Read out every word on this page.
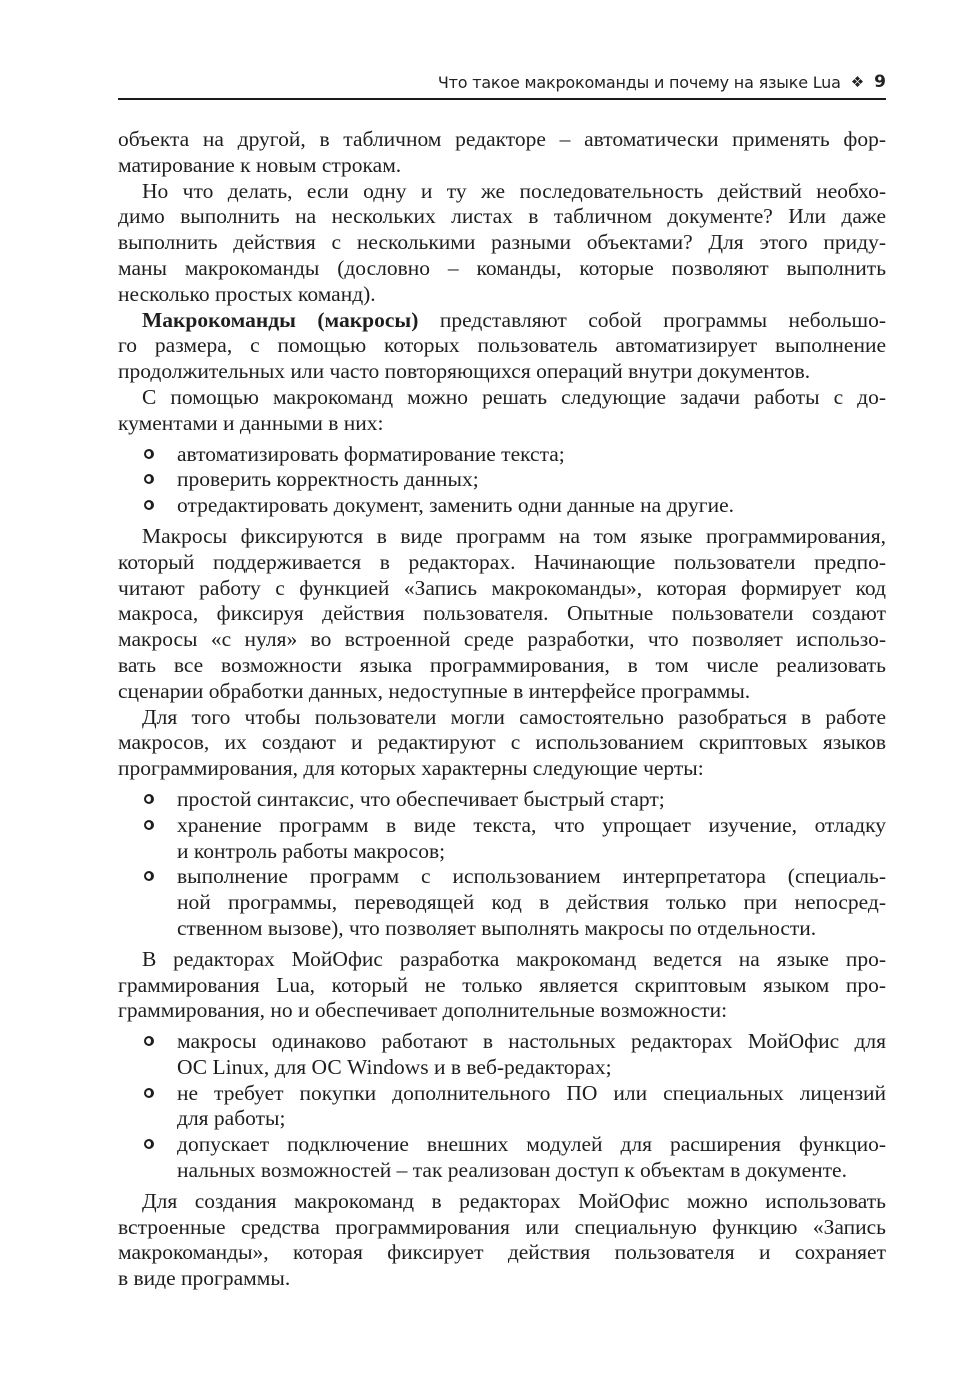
Что такое макрокоманды и почему на языке Lua ❖ 9
объекта на другой, в табличном редакторе – автоматически применять фор-
матирование к новым строкам.
Но что делать, если одну и ту же последовательность действий необхо-
димо выполнить на нескольких листах в табличном документе? Или даже
выполнить действия с несколькими разными объектами? Для этого приду-
маны макрокоманды (дословно – команды, которые позволяют выполнить
несколько простых команд).
Макрокоманды (макросы) представляют собой программы небольшо-
го размера, с помощью которых пользователь автоматизирует выполнение
продолжительных или часто повторяющихся операций внутри документов.
С помощью макрокоманд можно решать следующие задачи работы с до-
кументами и данными в них:
автоматизировать форматирование текста;
проверить корректность данных;
отредактировать документ, заменить одни данные на другие.
Макросы фиксируются в виде программ на том языке программирования,
который поддерживается в редакторах. Начинающие пользователи предпо-
читают работу с функцией «Запись макрокоманды», которая формирует код
макроса, фиксируя действия пользователя. Опытные пользователи создают
макросы «с нуля» во встроенной среде разработки, что позволяет использо-
вать все возможности языка программирования, в том числе реализовать
сценарии обработки данных, недоступные в интерфейсе программы.
Для того чтобы пользователи могли самостоятельно разобраться в работе
макросов, их создают и редактируют с использованием скриптовых языков
программирования, для которых характерны следующие черты:
простой синтаксис, что обеспечивает быстрый старт;
хранение программ в виде текста, что упрощает изучение, отладку
и контроль работы макросов;
выполнение программ с использованием интерпретатора (специаль-
ной программы, переводящей код в действия только при непосред-
ственном вызове), что позволяет выполнять макросы по отдельности.
В редакторах МойОфис разработка макрокоманд ведется на языке про-
граммирования Lua, который не только является скриптовым языком про-
граммирования, но и обеспечивает дополнительные возможности:
макросы одинаково работают в настольных редакторах МойОфис для
ОС Linux, для ОС Windows и в веб-редакторах;
не требует покупки дополнительного ПО или специальных лицензий
для работы;
допускает подключение внешних модулей для расширения функцио-
нальных возможностей – так реализован доступ к объектам в документе.
Для создания макрокоманд в редакторах МойОфис можно использовать
встроенные средства программирования или специальную функцию «Запись
макрокоманды», которая фиксирует действия пользователя и сохраняет
в виде программы.
